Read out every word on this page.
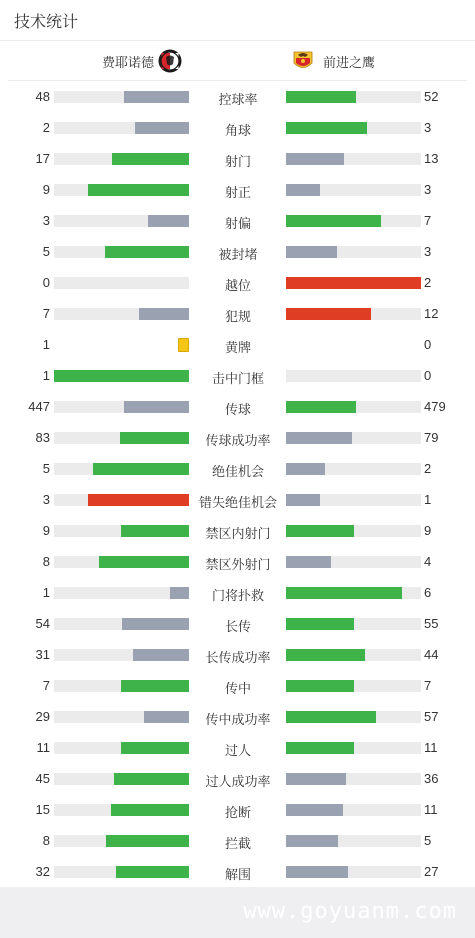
技术统计
费耶诺德	前进之鹰
48	控球率	52
2	角球	3
17	射门	13
9	射正	3
3	射偏	7
5	被封堵	3
0	越位	2
7	犯规	12
1	黄牌	0
1	击中门框	0
447	传球	479
83	传球成功率	79
5	绝佳机会	2
3	错失绝佳机会	1
9	禁区内射门	9
8	禁区外射门	4
1	门将扑救	6
54	长传	55
31	长传成功率	44
7	传中	7
29	传中成功率	57
11	过人	11
45	过人成功率	36
15	抢断	11
8	拦截	5
32	解围	27
www.goyuanm.com
